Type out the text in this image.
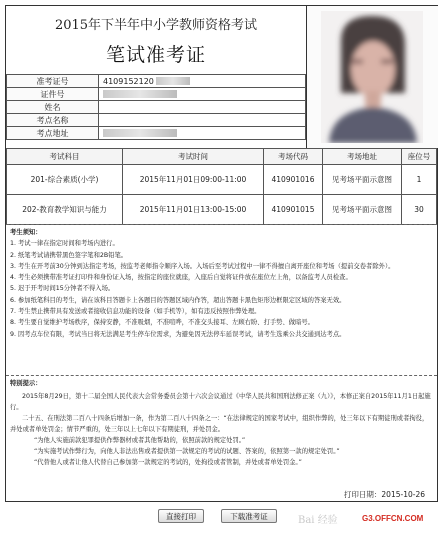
2015年下半年中小学教师资格考试
笔试准考证
准考证号	4109152120
证件号	
姓名	
考点名称	
考点地址	
考试科目	考试时间	考场代码	考场地址	座位号
201-综合素质(小学)	2015年11月01日09:00-11:00	410901016	见考场平面示意图	1
202-教育教学知识与能力	2015年11月01日13:00-15:00	410901015	见考场平面示意图	30
考生须知：
1. 考试一律在指定时间和考场内进行。
2. 纸笔考试请携带黑色签字笔和2B铅笔。
3. 考生在开考前30分钟到达指定考场，按监考老师指令顺序入场。入场后至考试过程中一律不得擅自离开座位和考场（提前交卷者除外）。
4. 考生必须携带准考证打印件和身份证入场，按指定的座位就座，入座后自觉将证件放在座位左上角，以备监考人员检查。
5. 迟于开考时间15分钟者不得入场。
6. 参加纸笔科目的考生，请在该科目答题卡上各题目的答题区域内作答，超出答题卡黑色矩形边框限定区域的答案无效。
7. 考生禁止携带具有发送或者接收信息功能的设备（如手机等），如有违反按照作弊处理。
8. 考生要自觉维护考场秩序，保持安静，不准吸烟，不准喧哗，不准交头接耳、左顾右盼、打手势、做暗号。
9. 因考点车位有限，考试当日将无法满足考生停车位需求，为避免因无法停车延误考试，请考生选乘公共交通到达考点。
特别提示：

2015年8月29日，第十二届全国人民代表大会常务委员会第十六次会议通过《中华人民共和国刑法修正案（九）》，本修正案自2015年11月1日起施行。

二十五、在刑法第二百八十四条后增加一条，作为第二百八十四条之一：“在法律规定的国家考试中，组织作弊的，处三年以下有期徒刑或者拘役，并处或者单处罚金；情节严重的，处三年以上七年以下有期徒刑，并处罚金。

“为他人实施前款犯罪提供作弊器材或者其他帮助的，依照前款的规定处罚。”
“为实施考试作弊行为，向他人非法出售或者提供第一款规定的考试的试题、答案的，依照第一款的规定处罚。”
“代替他人或者让他人代替自己参加第一款规定的考试的，处拘役或者管制，并处或者单处罚金。”
打印日期：2015-10-26
直接打印	下载准考证	Bai 经验	G3.OFFCN.COM
